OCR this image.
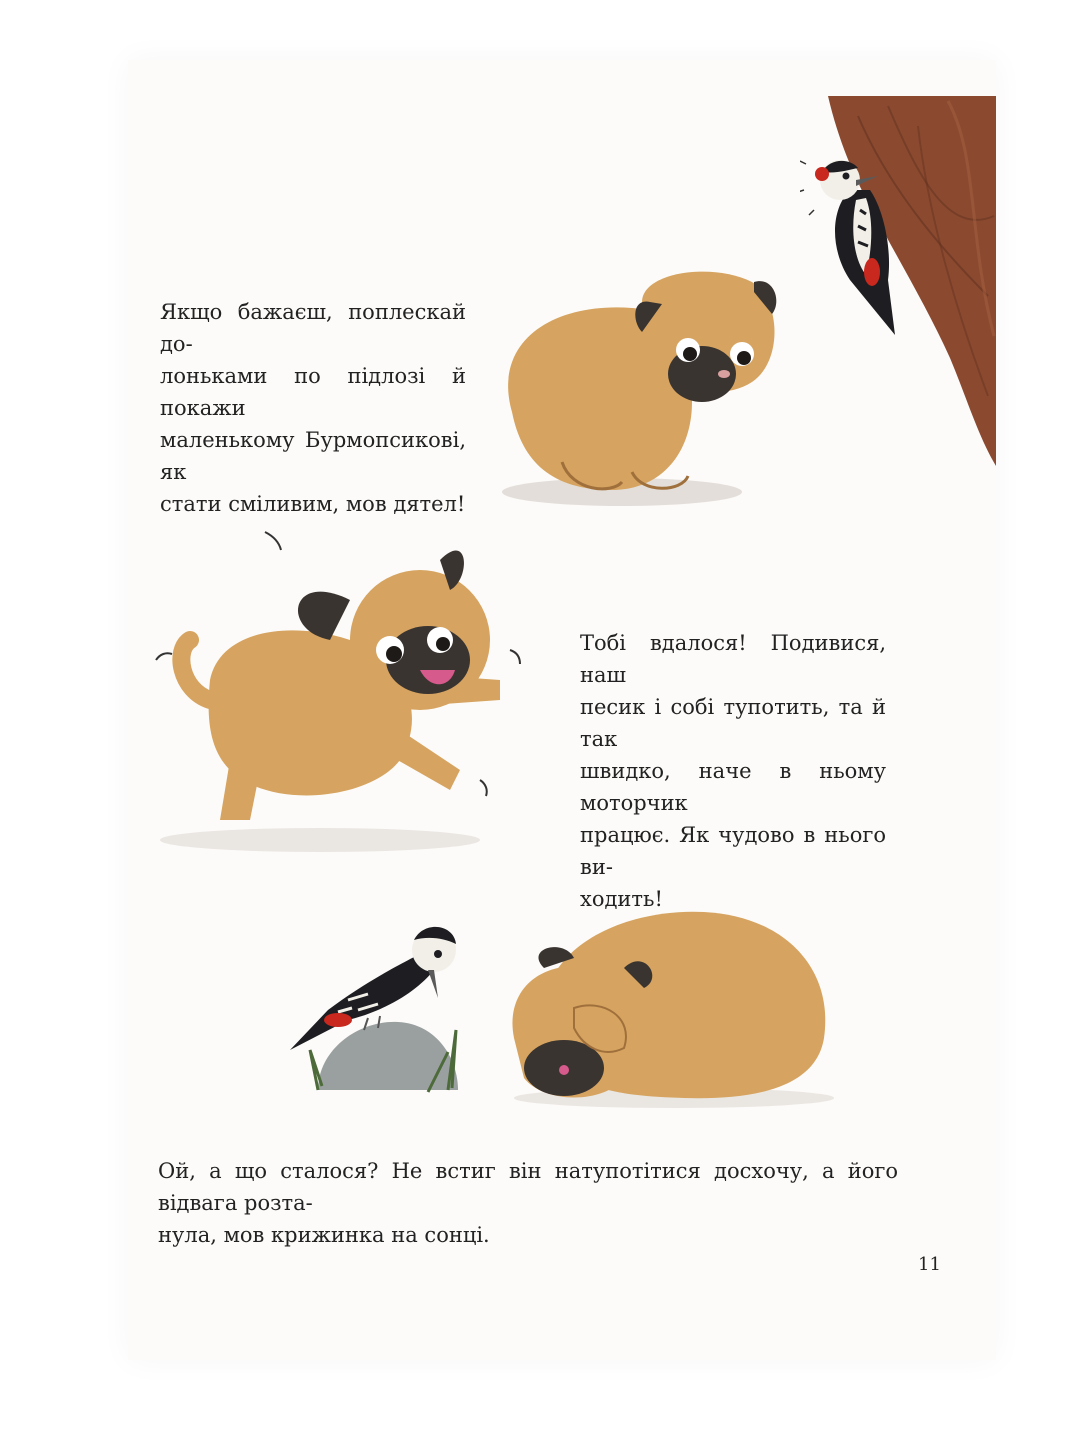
Якщо бажаєш, поплескай до-
лоньками по підлозі й покажи
маленькому Бурмопсикові, як
стати сміливим, мов дятел!
Тобі вдалося! Подивися, наш
песик і собі тупотить, та й так
швидко, наче в ньому моторчик
працює. Як чудово в нього ви-
ходить!
Ой, а що сталося? Не встиг він натупотітися досхочу, а його відвага розта-
нула, мов крижинка на сонці.
11
